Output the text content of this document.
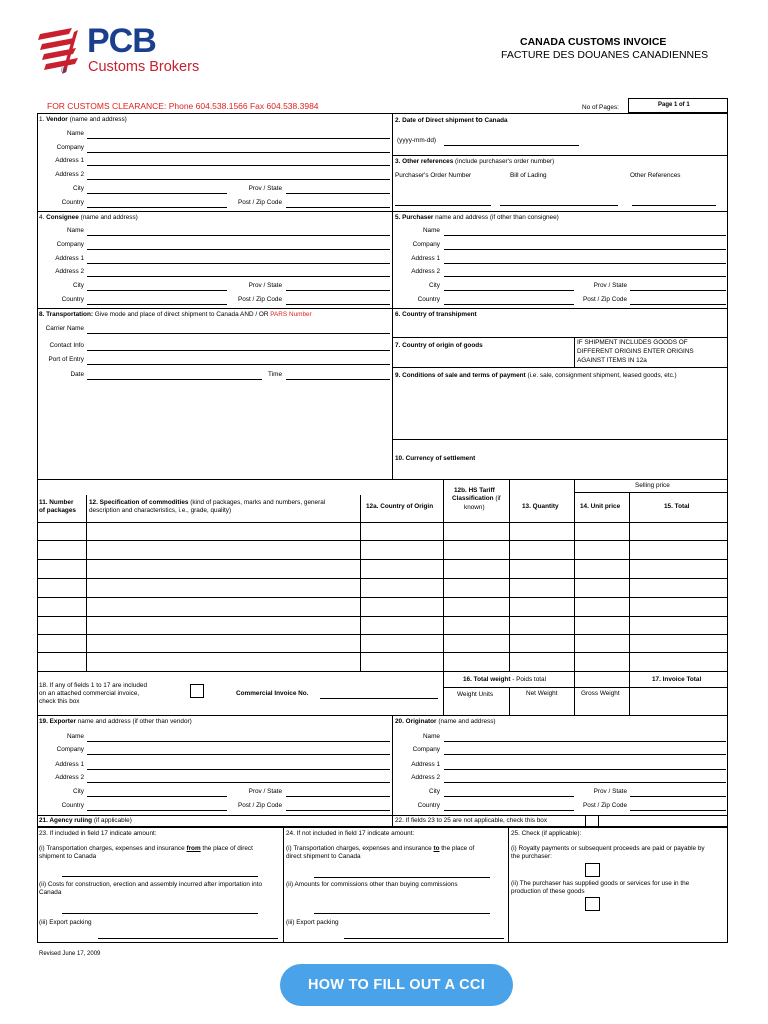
PCB
Customs Brokers
®
CANADA CUSTOMS INVOICE
FACTURE DES DOUANES CANADIENNES
FOR CUSTOMS CLEARANCE: Phone 604.538.1566 Fax 604.538.3984	No of Pages:	Page 1 of 1
1. Vendor (name and address)
Name
Company
Address 1
Address 2
City	Prov / State
Country	Post / Zip Code
2. Date of Direct shipment to Canada
(yyyy-mm-dd)
3. Other references (include purchaser's order number)
Purchaser's Order Number	Bill of Lading	Other References
4. Consignee (name and address)
Name
Company
Address 1
Address 2
City	Prov / State
Country	Post / Zip Code
5. Purchaser name and address (if other than consignee)
Name
Company
Address 1
Address 2
City	Prov / State
Country	Post / Zip Code
8. Transportation: Give mode and place of direct shipment to Canada AND / OR PARS Number
Carrier Name
Contact Info
Port of Entry
Date	Time
6. Country of transhipment
7. Country of origin of goods	IF SHIPMENT INCLUDES GOODS OF
DIFFERENT ORIGINS ENTER ORIGINS
AGAINST ITEMS IN 12a
9. Conditions of sale and terms of payment (i.e. sale, consignment shipment, leased goods, etc.)
10. Currency of settlement
11. Number
of packages
12. Specification of commodities (kind of packages, marks and numbers, general
description and characteristics, i.e., grade, quality)
12a. Country of Origin
12b. HS Tariff
Classification (if
known)	13. Quantity
Selling price
14. Unit price	15. Total
18. If any of fields 1 to 17 are included
on an attached commercial invoice,
check this box
Commercial Invoice No.
16. Total weight - Poids total
Weight Units	Net Weight	Gross Weight
17. Invoice Total
19. Exporter name and address (if other than vendor)
Name
Company
Address 1
Address 2
City	Prov / State
Country	Post / Zip Code
20. Originator (name and address)
Name
Company
Address 1
Address 2
City	Prov / State
Country	Post / Zip Code
21. Agency ruling (if applicable)	22. If fields 23 to 25 are not applicable, check this box
23. If included in field 17 indicate amount:
(i) Transportation charges, expenses and insurance from the place of direct
shipment to Canada
(ii) Costs for construction, erection and assembly incurred after importation into
Canada
(iii) Export packing
24. If not included in field 17 indicate amount:
(i) Transportation charges, expenses and insurance to the place of
direct shipment to Canada
(ii) Amounts for commissions other than buying commissions
(iii) Export packing
25. Check (if applicable):
(i) Royalty payments or subsequent proceeds are paid or payable by
the purchaser:
(ii) The purchaser has supplied goods or services for use in the
production of these goods
Revised June 17, 2009
HOW TO FILL OUT A CCI
